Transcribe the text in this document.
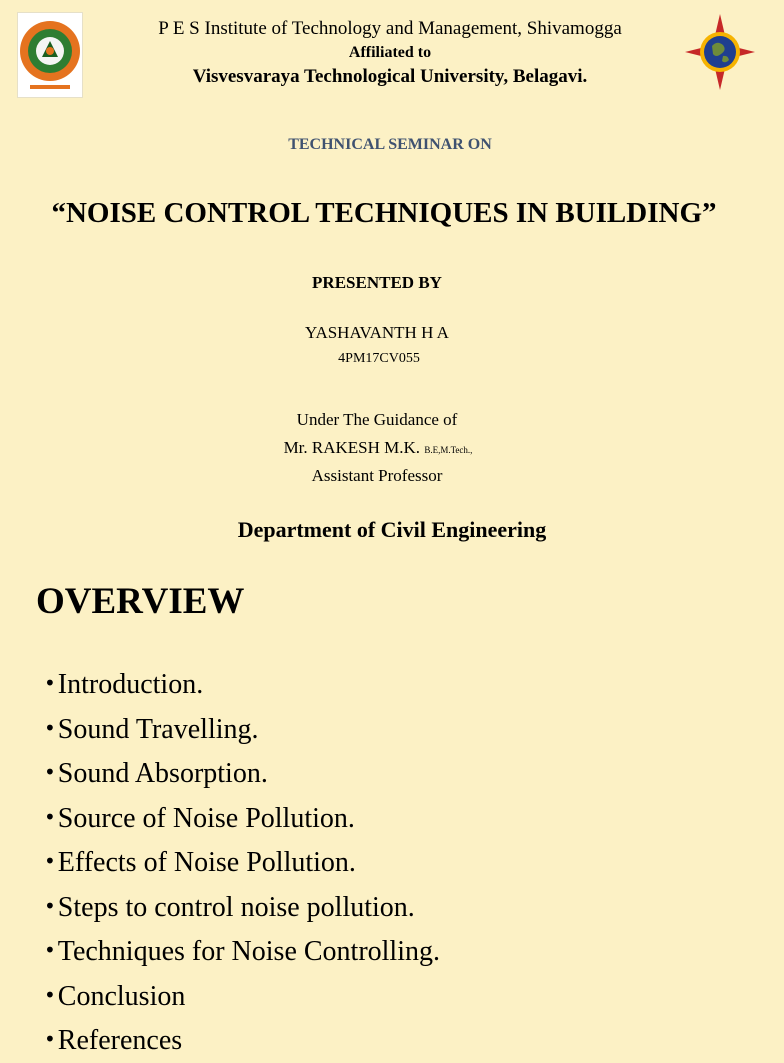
P E S Institute of Technology and Management, Shivamogga
Affiliated to
Visvesvaraya Technological University, Belagavi.
TECHNICAL SEMINAR ON
“NOISE CONTROL TECHNIQUES IN BUILDING”
PRESENTED BY
YASHAVANTH H A
4PM17CV055
Under The Guidance of
Mr. RAKESH M.K. B.E,M.Tech.,
Assistant Professor
Department of Civil Engineering
OVERVIEW
•Introduction.
•Sound Travelling.
•Sound Absorption.
•Source of Noise Pollution.
•Effects of Noise Pollution.
•Steps to control noise pollution.
•Techniques for Noise Controlling.
•Conclusion
•References
